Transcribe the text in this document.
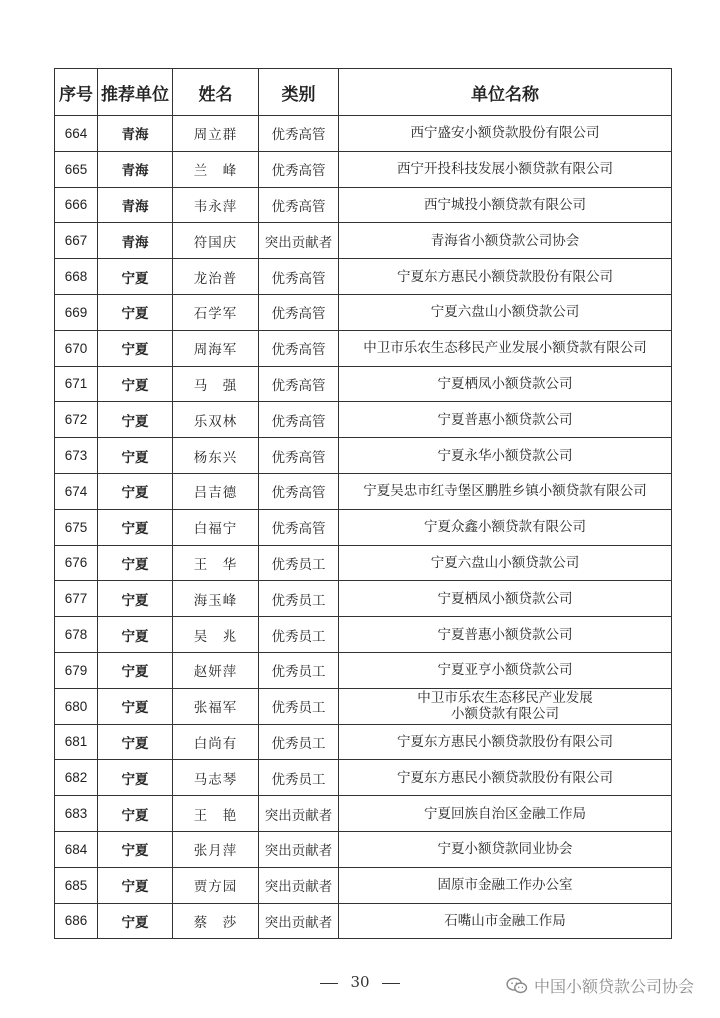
序号	推荐单位	姓名	类别	单位名称
664	青海	周立群	优秀高管	西宁盛安小额贷款股份有限公司
665	青海	兰　峰	优秀高管	西宁开投科技发展小额贷款有限公司
666	青海	韦永萍	优秀高管	西宁城投小额贷款有限公司
667	青海	符国庆	突出贡献者	青海省小额贷款公司协会
668	宁夏	龙治普	优秀高管	宁夏东方惠民小额贷款股份有限公司
669	宁夏	石学军	优秀高管	宁夏六盘山小额贷款公司
670	宁夏	周海军	优秀高管	中卫市乐农生态移民产业发展小额贷款有限公司
671	宁夏	马　强	优秀高管	宁夏栖凤小额贷款公司
672	宁夏	乐双林	优秀高管	宁夏普惠小额贷款公司
673	宁夏	杨东兴	优秀高管	宁夏永华小额贷款公司
674	宁夏	吕吉德	优秀高管	宁夏吴忠市红寺堡区鹏胜乡镇小额贷款有限公司
675	宁夏	白福宁	优秀高管	宁夏众鑫小额贷款有限公司
676	宁夏	王　华	优秀员工	宁夏六盘山小额贷款公司
677	宁夏	海玉峰	优秀员工	宁夏栖凤小额贷款公司
678	宁夏	吴　兆	优秀员工	宁夏普惠小额贷款公司
679	宁夏	赵妍萍	优秀员工	宁夏亚亨小额贷款公司
680	宁夏	张福军	优秀员工	中卫市乐农生态移民产业发展
小额贷款有限公司
681	宁夏	白尚有	优秀员工	宁夏东方惠民小额贷款股份有限公司
682	宁夏	马志琴	优秀员工	宁夏东方惠民小额贷款股份有限公司
683	宁夏	王　艳	突出贡献者	宁夏回族自治区金融工作局
684	宁夏	张月萍	突出贡献者	宁夏小额贷款同业协会
685	宁夏	贾方园	突出贡献者	固原市金融工作办公室
686	宁夏	蔡　莎	突出贡献者	石嘴山市金融工作局
30	中国小额贷款公司协会
